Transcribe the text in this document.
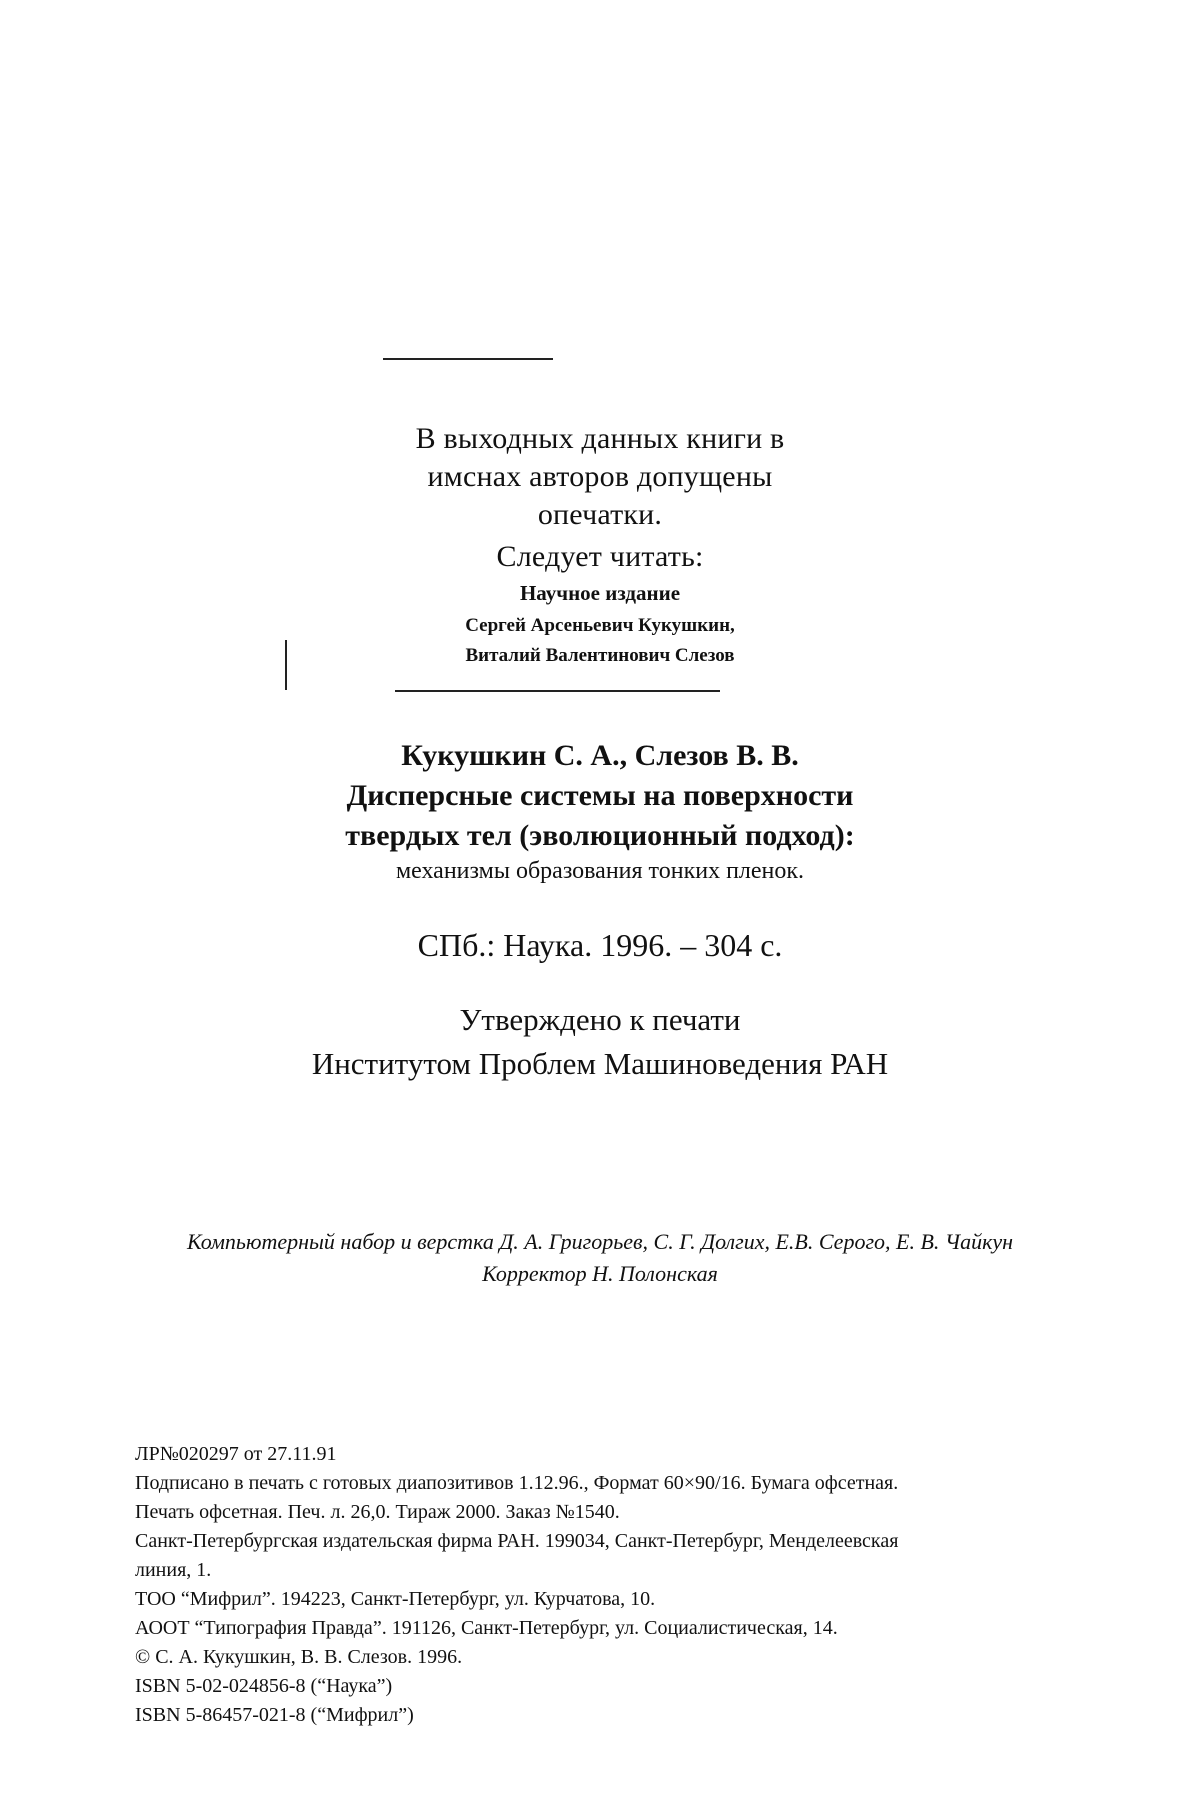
В выходных данных книги в
имснах авторов допущены
опечатки.
Следует читать:
Научное издание
Сергей Арсеньевич Кукушкин,
Виталий Валентинович Слезов
Кукушкин С. А., Слезов В. В.
Дисперсные системы на поверхности
твердых тел (эволюционный подход):
механизмы образования тонких пленок.
СПб.: Наука. 1996. – 304 с.
Утверждено к печати
Институтом Проблем Машиноведения РАН
Компьютерный набор и верстка Д. А. Григорьев, С. Г. Долгих, Е.В. Серого, Е. В. Чайкун
Корректор Н. Полонская
ЛР№020297 от 27.11.91
Подписано в печать с готовых диапозитивов 1.12.96., Формат 60×90/16. Бумага офсетная.
Печать офсетная. Печ. л. 26,0. Тираж 2000. Заказ №1540.
Санкт-Петербургская издательская фирма РАН. 199034, Санкт-Петербург, Менделеевская
линия, 1.
ТОО “Мифрил”. 194223, Санкт-Петербург, ул. Курчатова, 10.
АООТ “Типография Правда”. 191126, Санкт-Петербург, ул. Социалистическая, 14.
© С. А. Кукушкин, В. В. Слезов. 1996.
ISBN 5-02-024856-8 (“Наука”)
ISBN 5-86457-021-8 (“Мифрил”)
